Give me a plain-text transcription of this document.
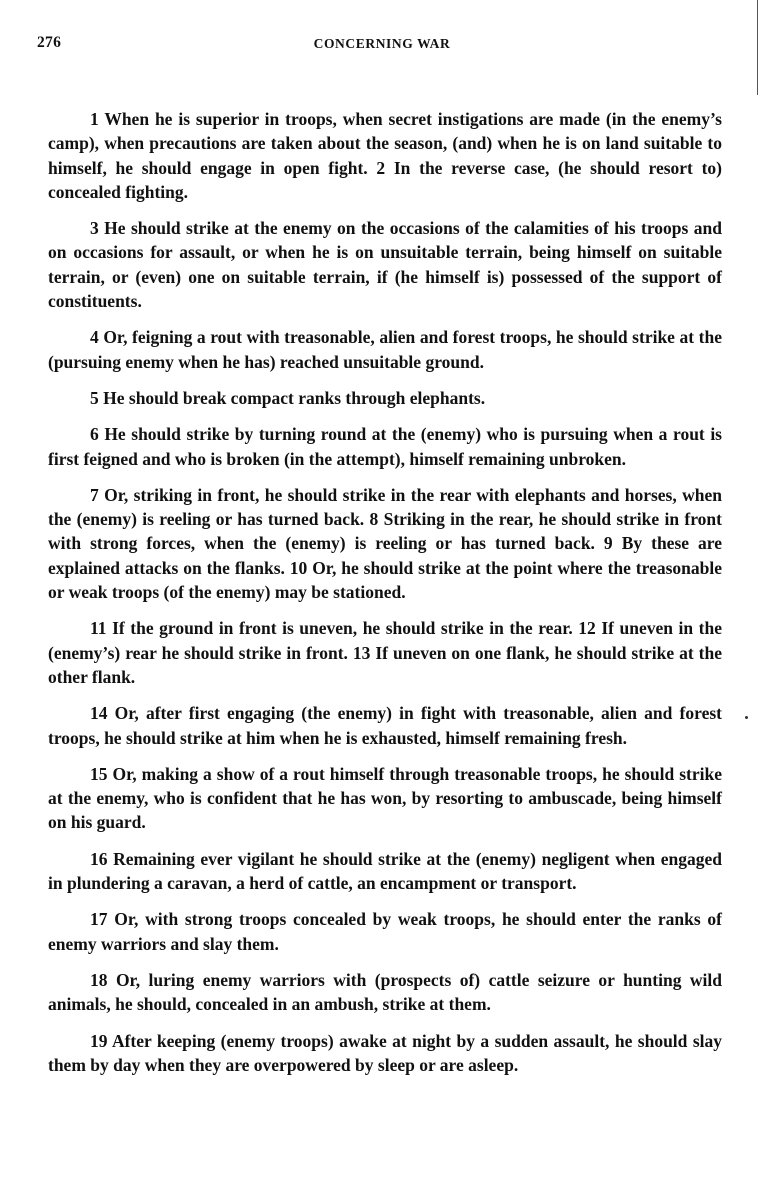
276	CONCERNING WAR

1 When he is superior in troops, when secret instigations are made (in the enemy’s camp), when precautions are taken about the season, (and) when he is on land suitable to himself, he should engage in open fight. 2 In the reverse case, (he should resort to) concealed fighting.

3 He should strike at the enemy on the occasions of the calamities of his troops and on occasions for assault, or when he is on unsuitable terrain, being himself on suitable terrain, or (even) one on suitable terrain, if (he himself is) possessed of the support of constituents.

4 Or, feigning a rout with treasonable, alien and forest troops, he should strike at the (pursuing enemy when he has) reached unsuitable ground.

5 He should break compact ranks through elephants.

6 He should strike by turning round at the (enemy) who is pursuing when a rout is first feigned and who is broken (in the attempt), himself remaining unbroken.

7 Or, striking in front, he should strike in the rear with elephants and horses, when the (enemy) is reeling or has turned back. 8 Striking in the rear, he should strike in front with strong forces, when the (enemy) is reeling or has turned back. 9 By these are explained attacks on the flanks. 10 Or, he should strike at the point where the treasonable or weak troops (of the enemy) may be stationed.

11 If the ground in front is uneven, he should strike in the rear. 12 If uneven in the (enemy’s) rear he should strike in front. 13 If uneven on one flank, he should strike at the other flank.

14 Or, after first engaging (the enemy) in fight with treasonable, alien and forest troops, he should strike at him when he is exhausted, himself remaining fresh.

15 Or, making a show of a rout himself through treasonable troops, he should strike at the enemy, who is confident that he has won, by resorting to ambuscade, being himself on his guard.

16 Remaining ever vigilant he should strike at the (enemy) negligent when engaged in plundering a caravan, a herd of cattle, an encampment or transport.

17 Or, with strong troops concealed by weak troops, he should enter the ranks of enemy warriors and slay them.

18 Or, luring enemy warriors with (prospects of) cattle seizure or hunting wild animals, he should, concealed in an ambush, strike at them.

19 After keeping (enemy troops) awake at night by a sudden assault, he should slay them by day when they are overpowered by sleep or are asleep.
